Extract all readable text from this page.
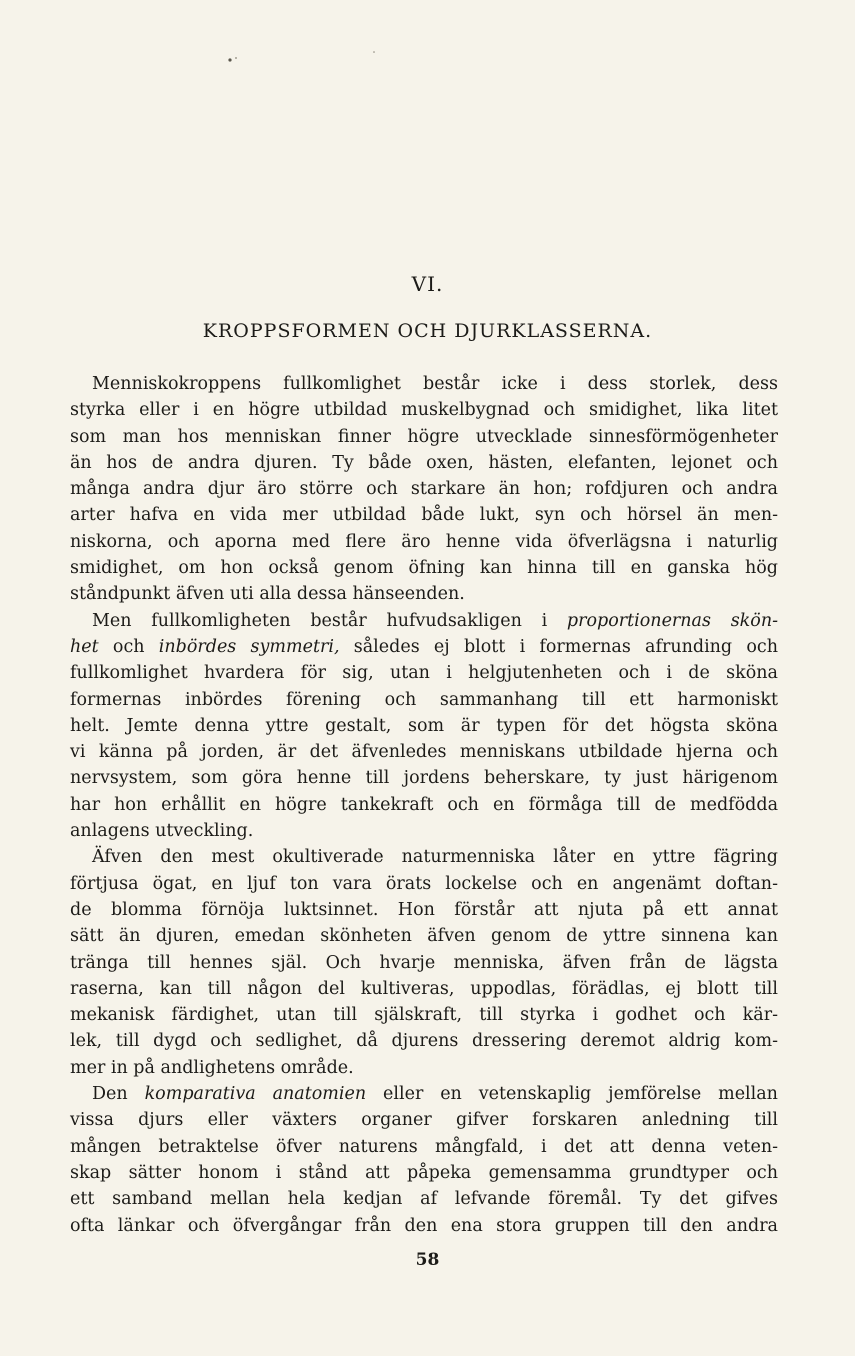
VI.
KROPPSFORMEN OCH DJURKLASSERNA.
Menniskokroppens fullkomlighet består icke i dess storlek, dess
styrka eller i en högre utbildad muskelbygnad och smidighet, lika litet
som man hos menniskan finner högre utvecklade sinnesförmögenheter
än hos de andra djuren. Ty både oxen, hästen, elefanten, lejonet och
många andra djur äro större och starkare än hon; rofdjuren och andra
arter hafva en vida mer utbildad både lukt, syn och hörsel än men-
niskorna, och aporna med flere äro henne vida öfverlägsna i naturlig
smidighet, om hon också genom öfning kan hinna till en ganska hög
ståndpunkt äfven uti alla dessa hänseenden.
Men fullkomligheten består hufvudsakligen i proportionernas skön-
het och inbördes symmetri, således ej blott i formernas afrunding och
fullkomlighet hvardera för sig, utan i helgjutenheten och i de sköna
formernas inbördes förening och sammanhang till ett harmoniskt
helt. Jemte denna yttre gestalt, som är typen för det högsta sköna
vi känna på jorden, är det äfvenledes menniskans utbildade hjerna och
nervsystem, som göra henne till jordens beherskare, ty just härigenom
har hon erhållit en högre tankekraft och en förmåga till de medfödda
anlagens utveckling.
Äfven den mest okultiverade naturmenniska låter en yttre fägring
förtjusa ögat, en ljuf ton vara örats lockelse och en angenämt doftan-
de blomma förnöja luktsinnet. Hon förstår att njuta på ett annat
sätt än djuren, emedan skönheten äfven genom de yttre sinnena kan
tränga till hennes själ. Och hvarje menniska, äfven från de lägsta
raserna, kan till någon del kultiveras, uppodlas, förädlas, ej blott till
mekanisk färdighet, utan till själskraft, till styrka i godhet och kär-
lek, till dygd och sedlighet, då djurens dressering deremot aldrig kom-
mer in på andlighetens område.
Den komparativa anatomien eller en vetenskaplig jemförelse mellan
vissa djurs eller växters organer gifver forskaren anledning till
mången betraktelse öfver naturens mångfald, i det att denna veten-
skap sätter honom i stånd att påpeka gemensamma grundtyper och
ett samband mellan hela kedjan af lefvande föremål. Ty det gifves
ofta länkar och öfvergångar från den ena stora gruppen till den andra
58
